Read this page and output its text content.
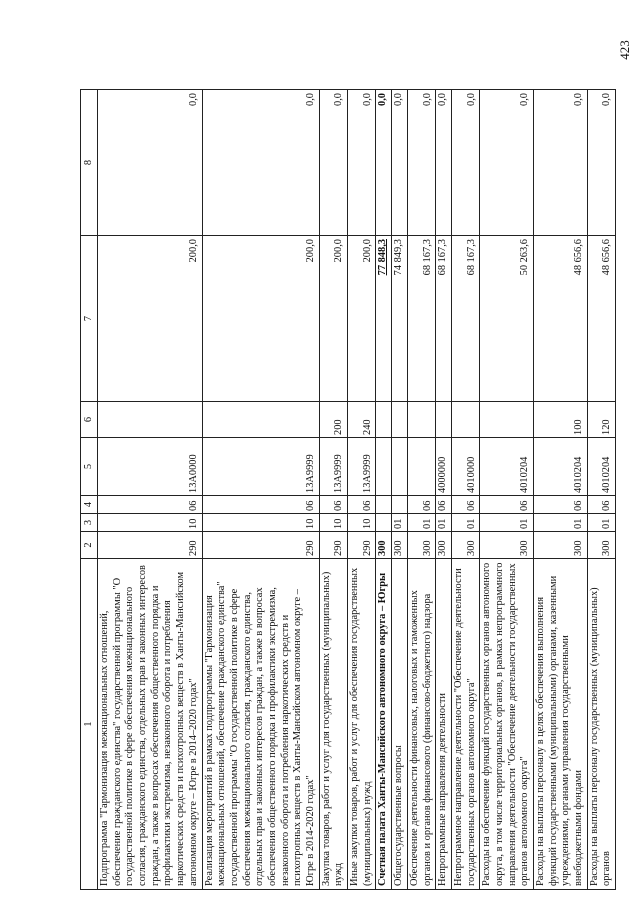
423
1	2	3	4	5	6	7	8
Подпрограмма "Гармонизация межнациональных отношений, обеспечение гражданского единства" государственной программы "О государственной политике в сфере обеспечения межнационального согласия, гражданского единства, отдельных прав и законных интересов граждан, а также в вопросах обеспечения общественного порядка и профилактики экстремизма, незаконного оборота и потребления наркотических средств и психотропных веществ в Ханты-Мансийском автономном округе – Югре в 2014–2020 годах"	290	10	06	13А0000		200,0	0,0
Реализация мероприятий в рамках подпрограммы "Гармонизация межнациональных отношений, обеспечение гражданского единства" государственной программы "О государственной политике в сфере обеспечения межнационального согласия, гражданского единства, отдельных прав и законных интересов граждан, а также в вопросах обеспечения общественного порядка и профилактики экстремизма, незаконного оборота и потребления наркотических средств и психотропных веществ в Ханты-Мансийском автономном округе – Югре в 2014-2020 годах"	290	10	06	13А9999		200,0	0,0
Закупка товаров, работ и услуг для государственных (муниципальных) нужд	290	10	06	13А9999	200	200,0	0,0
Иные закупки товаров, работ и услуг для обеспечения государственных (муниципальных) нужд	290	10	06	13А9999	240	200,0	0,0
Счетная палата Ханты-Мансийского автономного округа – Югры	300					77 848,3	0,0
Общегосударственные вопросы	300	01				74 849,3	0,0
Обеспечение деятельности финансовых, налоговых и таможенных органов и органов финансового (финансово-бюджетного) надзора	300	01	06			68 167,3	0,0
Непрограммные направления деятельности	300	01	06	4000000		68 167,3	0,0
Непрограммное направление деятельности "Обеспечение деятельности государственных органов автономного округа"	300	01	06	4010000		68 167,3	0,0
Расходы на обеспечение функций государственных органов автономного округа, в том числе территориальных органов, в рамках непрограммного направления деятельности "Обеспечение деятельности государственных органов автономного округа"	300	01	06	4010204		50 263,6	0,0
Расходы на выплаты персоналу в целях обеспечения выполнения функций государственными (муниципальными) органами, казенными учреждениями, органами управления государственными внебюджетными фондами	300	01	06	4010204	100	48 656,6	0,0
Расходы на выплаты персоналу государственных (муниципальных) органов	300	01	06	4010204	120	48 656,6	0,0
